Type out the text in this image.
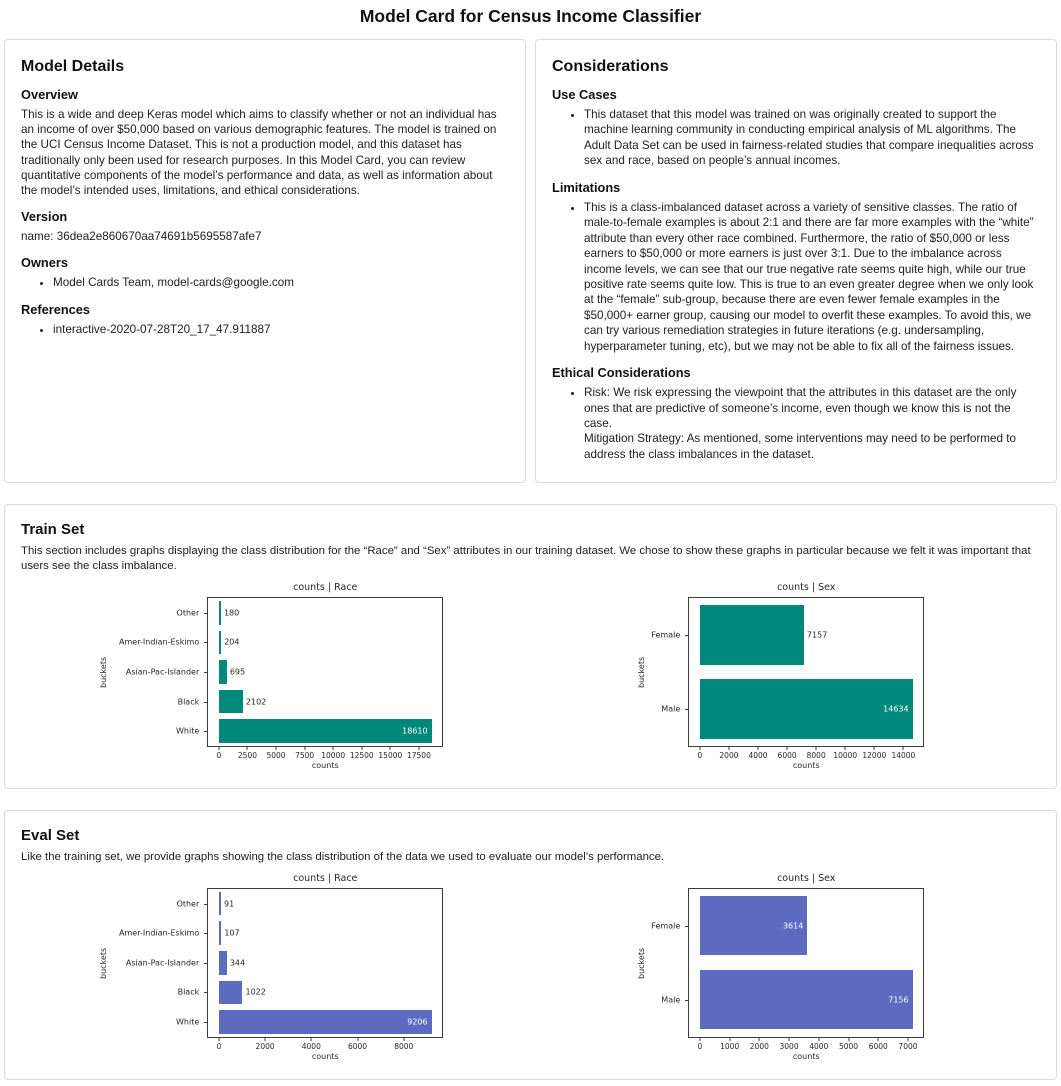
Model Card for Census Income Classifier
Model Details
Overview

This is a wide and deep Keras model which aims to classify whether or not an individual has an income of over $50,000 based on various demographic features. The model is trained on the UCI Census Income Dataset. This is not a production model, and this dataset has traditionally only been used for research purposes. In this Model Card, you can review quantitative components of the model’s performance and data, as well as information about the model’s intended uses, limitations, and ethical considerations.

Version

name: 36dea2e860670aa74691b5695587afe7

Owners
• Model Cards Team, model-cards@google.com
References
• interactive-2020-07-28T20_17_47.911887
Considerations
Use Cases
• This dataset that this model was trained on was originally created to support the machine learning community in conducting empirical analysis of ML algorithms. The Adult Data Set can be used in fairness-related studies that compare inequalities across sex and race, based on people’s annual incomes.
Limitations
• This is a class-imbalanced dataset across a variety of sensitive classes. The ratio of male-to-female examples is about 2:1 and there are far more examples with the “white” attribute than every other race combined. Furthermore, the ratio of $50,000 or less earners to $50,000 or more earners is just over 3:1. Due to the imbalance across income levels, we can see that our true negative rate seems quite high, while our true positive rate seems quite low. This is true to an even greater degree when we only look at the “female” sub-group, because there are even fewer female examples in the $50,000+ earner group, causing our model to overfit these examples. To avoid this, we can try various remediation strategies in future iterations (e.g. undersampling, hyperparameter tuning, etc), but we may not be able to fix all of the fairness issues.
Ethical Considerations
• Risk: We risk expressing the viewpoint that the attributes in this dataset are the only ones that are predictive of someone’s income, even though we know this is not the case.
Mitigation Strategy: As mentioned, some interventions may need to be performed to address the class imbalances in the dataset.
Train Set

This section includes graphs displaying the class distribution for the “Race” and “Sex” attributes in our training dataset. We chose to show these graphs in particular because we felt it was important that users see the class imbalance.

counts | Race
buckets
180
204
695
2102
18610
Other
Amer-Indian-Eskimo
Asian-Pac-Islander
Black
White
0 2500 5000 7500 10000 12500 15000 17500
counts
counts | Sex
buckets
7157
14634
Female
Male
0 2000 4000 6000 8000 10000 12000 14000
counts
Eval Set

Like the training set, we provide graphs showing the class distribution of the data we used to evaluate our model’s performance.

counts | Race
buckets
91
107
344
1022
9206
Other
Amer-Indian-Eskimo
Asian-Pac-Islander
Black
White
0	2000	4000	6000	8000
counts
counts | Sex
buckets
3614
7156
Female
Male
0 1000 2000 3000 4000 5000 6000 7000
counts
